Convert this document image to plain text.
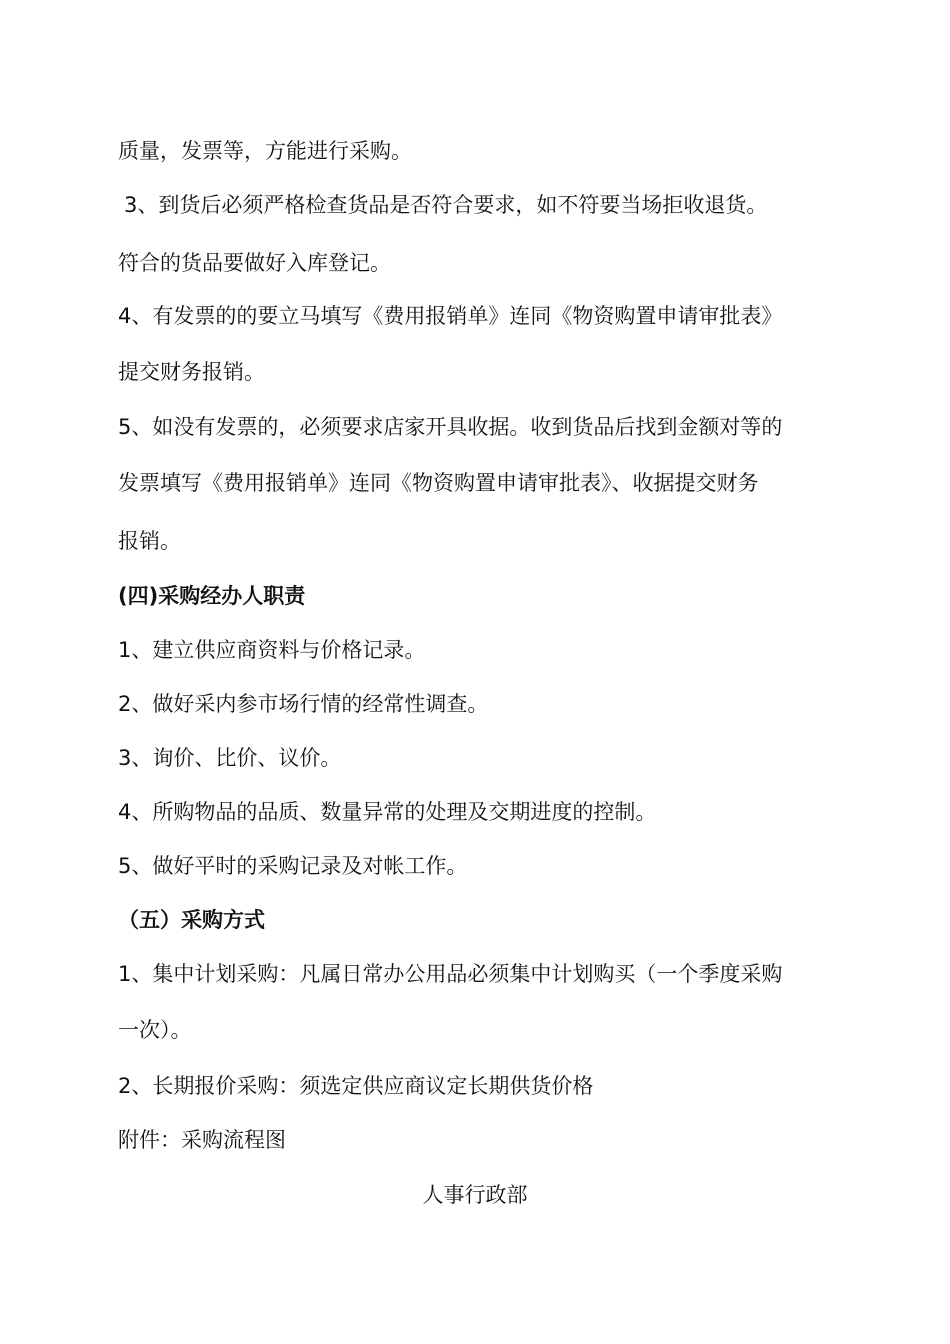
质量，发票等，方能进行采购。
3、到货后必须严格检查货品是否符合要求，如不符要当场拒收退货。
符合的货品要做好入库登记。
4、有发票的的要立马填写《费用报销单》连同《物资购置申请审批表》
提交财务报销。
5、如没有发票的，必须要求店家开具收据。收到货品后找到金额对等的
发票填写《费用报销单》连同《物资购置申请审批表》、收据提交财务
报销。
(四)采购经办人职责
1、建立供应商资料与价格记录。
2、做好采内参市场行情的经常性调查。
3、询价、比价、议价。
4、所购物品的品质、数量异常的处理及交期进度的控制。
5、做好平时的采购记录及对帐工作。
（五）采购方式
1、集中计划采购：凡属日常办公用品必须集中计划购买（一个季度采购
一次）。
2、长期报价采购：须选定供应商议定长期供货价格
附件：采购流程图
人事行政部
